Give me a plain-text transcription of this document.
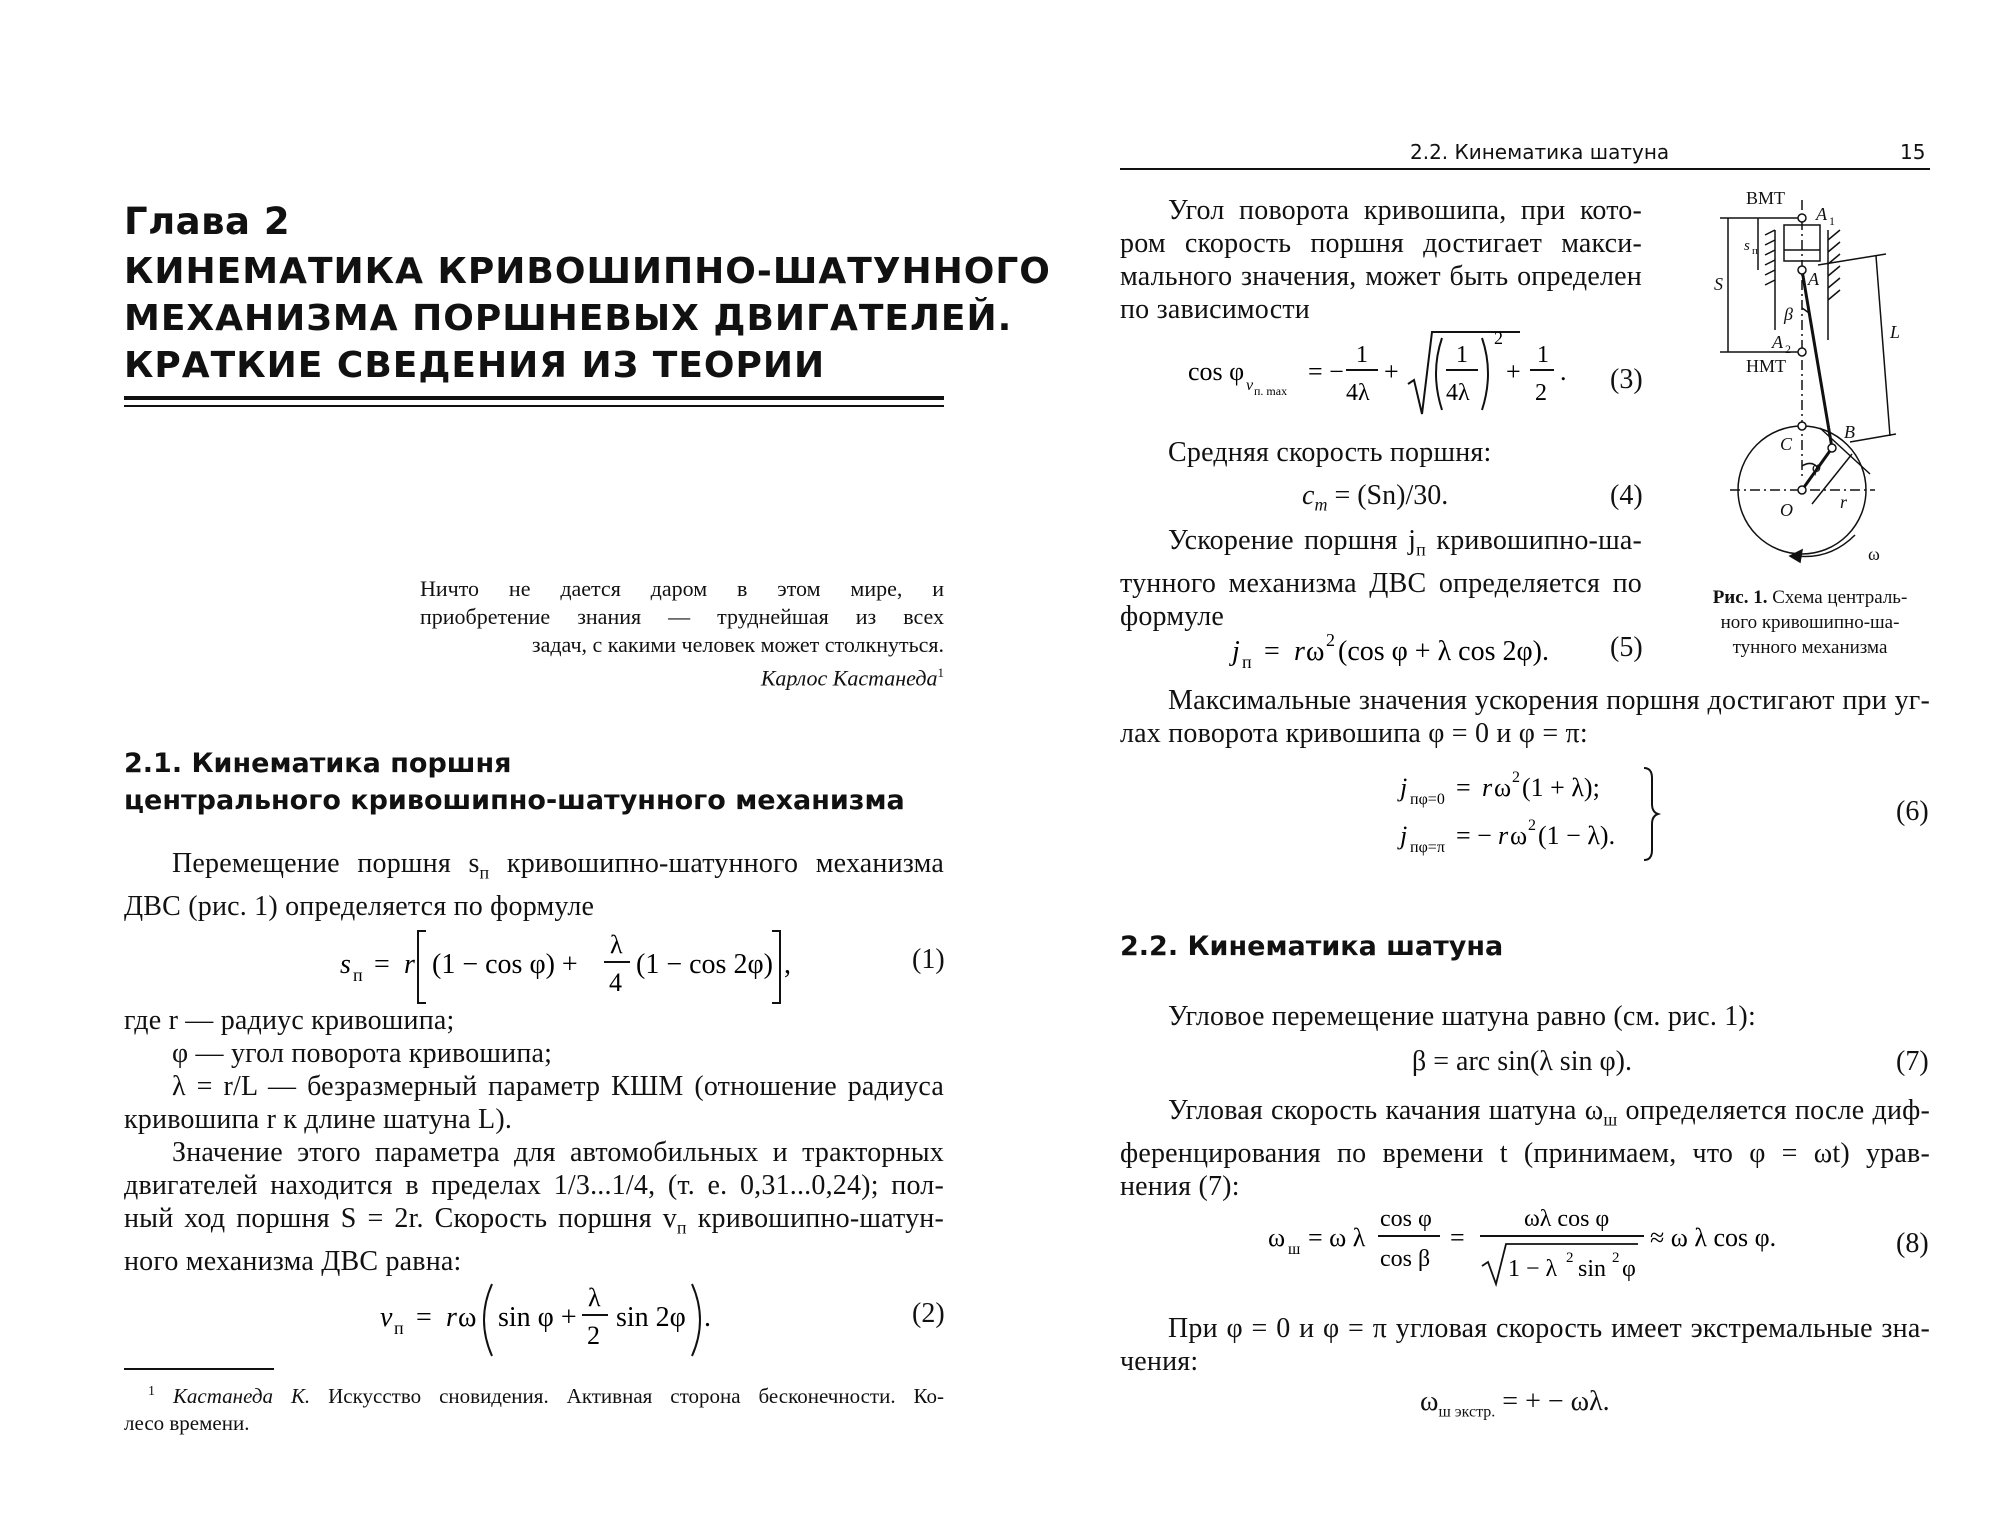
Глава 2
КИНЕМАТИКА КРИВОШИПНО-ШАТУННОГО
МЕХАНИЗМА ПОРШНЕВЫХ ДВИГАТЕЛЕЙ.
КРАТКИЕ СВЕДЕНИЯ ИЗ ТЕОРИИ
Ничто не дается даром в этом мире, и
приобретение знания — труднейшая из всех
задач, с какими человек может столкнуться.
Карлос Кастанеда$^1$
2.1. Кинематика поршня
центрального кривошипно-шатунного механизма
Перемещение поршня $s_п$ кривошипно-шатунного механизма
ДВС (рис. 1) определяется по формуле
s п = r (1 − cos φ) +
λ
4
(1 − cos 2φ) ,	(1)
где r — радиус кривошипа;
φ — угол поворота кривошипа;
λ = r/L — безразмерный параметр КШМ (отношение радиуса
кривошипа r к длине шатуна L).
Значение этого параметра для автомобильных и тракторных
двигателей находится в пределах 1/3...1/4, (т. е. 0,31...0,24); пол-
ный ход поршня S = 2r. Скорость поршня $v_п$ кривошипно-шатун-
ного механизма ДВС равна:
v п = r ω sin φ +
λ
2
sin 2φ .	(2)
$^1$ Кастанеда К. Искусство сновидения. Активная сторона бесконечности. Ко-
лесо времени.
2.2. Кинематика шатуна	15
Угол поворота кривошипа, при кото-
ром скорость поршня достигает макси-
мального значения, может быть определен
по зависимости
cos φ v п. max
= −
1
4λ
+
1
4λ
2
+
1
2
. (3)
Средняя скорость поршня:
$c_m = (Sn)/30$.	(4)
Ускорение поршня $j_п$ кривошипно-ша-
тунного механизма ДВС определяется по
формуле
j п = r ω 2 (cos φ + λ cos 2φ). (5)
ВМТ
НМТ
A 1
A
A 2
β
L
S
s п
B
C
O
φ
r
ω
Рис. 1. Схема централь-
ного кривошипно-ша-
тунного механизма
Максимальные значения ускорения поршня достигают при уг-
лах поворота кривошипа φ = 0 и φ = π:
j пφ=0 = r ω 2 (1 + λ);
j пφ=π = − r ω 2 (1 − λ).
(6)
2.2. Кинематика шатуна
Угловое перемещение шатуна равно (см. рис. 1):
β = arc sin(λ sin φ).	(7)
Угловая скорость качания шатуна $\omega_ш$ определяется после диф-
ференцирования по времени t (принимаем, что φ = ωt) урав-
нения (7):
ω ш = ω λ
cos φ
cos β
=
ωλ cos φ
1 − λ 2 sin 2 φ
≈ ω λ cos φ.	(8)
При φ = 0 и φ = π угловая скорость имеет экстремальные зна-
чения:
$\omega_{ш экстр.}$ = + − ωλ.
